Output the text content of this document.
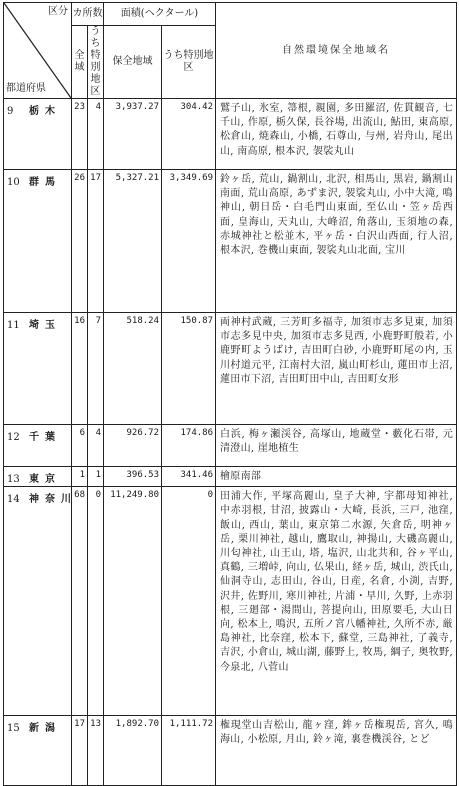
区分
都道府県	カ所数		面積(ヘクタール)		自然環境保全地域名
	全域	うち特別地区	保全地域	うち特別地区	
9 栃木	23	4	3,937.27	304.42	鷲子山, 氷室, 箒根, 親園, 多田羅沼, 佐貫観音, 七千山, 作原, 栃久保, 長谷場, 出流山, 鮎田, 東高原, 松倉山, 焼森山, 小橋, 石尊山, 与州, 岩舟山, 尾出山, 南高原, 根本沢, 袈裟丸山
10 群馬	26	17	5,327.21	3,349.69	鈴ヶ岳, 荒山, 鍋割山, 北沢, 相馬山, 黒岩, 鍋割山南面, 荒山高原, あずま沢, 袈裟丸山, 小中大滝, 鳴神山, 朝日岳・白毛門山東面, 至仏山・笠ヶ岳西面, 皇海山, 天丸山, 大峰沼, 角落山, 玉須地の森, 赤城神社と松並木, 平ヶ岳・白沢山西面, 行人沼, 根本沢, 巻機山東面, 袈裟丸山北面, 宝川
11 埼玉	16	7	518.24	150.87	両神村武蔵, 三芳町多福寺, 加須市志多見東, 加須市志多見中央, 加須市志多見西, 小鹿野町般若, 小鹿野町ようばけ, 吉田町白砂, 小鹿野町尾の内, 玉川村道元平, 江南村大沼, 嵐山町杉山, 蓮田市上沼, 蓮田市下沼, 吉田町田中山, 吉田町女形
12 千葉	6	4	926.72	174.86	白浜, 梅ヶ瀬渓谷, 高塚山, 地蔵堂・藪化石帯, 元清澄山, 崖地植生
13 東京	1	1	396.53	341.46	檜原南部
14 神奈川	68	0	11,249.80	0	田浦大作, 平塚高麗山, 皇子大神, 宇都母知神社, 中赤羽根, 甘沼, 披露山・大崎, 長浜, 三戸, 池窪, 飯山, 西山, 葉山, 東京第二水源, 矢倉岳, 明神ヶ岳, 栗川神社, 越山, 鷹取山, 神揚山, 大磯高麗山, 川匂神社, 山王山, 塔, 塩沢, 山北共和, 谷ヶ平山, 真鶴, 三増峠, 向山, 仏果山, 経ヶ岳, 城山, 渋氏山, 仙洞寺山, 志田山, 谷山, 日産, 名倉, 小渕, 吉野, 沢井, 佐野川, 寒川神社, 片浦・早川, 久野, 上赤羽根, 三廻部・湯間山, 菩提向山, 田原要毛, 大山日向, 松本上, 鳴沢, 五所ノ宮八幡神社, 久所不赤, 厳島神社, 比奈窪, 松本下, 蘇堂, 三島神社, 了義寺, 吉沢, 小倉山, 城山湖, 藤野上, 牧馬, 綱子, 奥牧野, 今泉北, 八菅山
15 新潟	17	13	1,892.70	1,111.72	権現堂山吉松山, 龍ヶ窪, 鉾ヶ岳権現岳, 宮久, 鳴海山, 小松原, 月山, 鈴ヶ滝, 裏巻機渓谷, とど
